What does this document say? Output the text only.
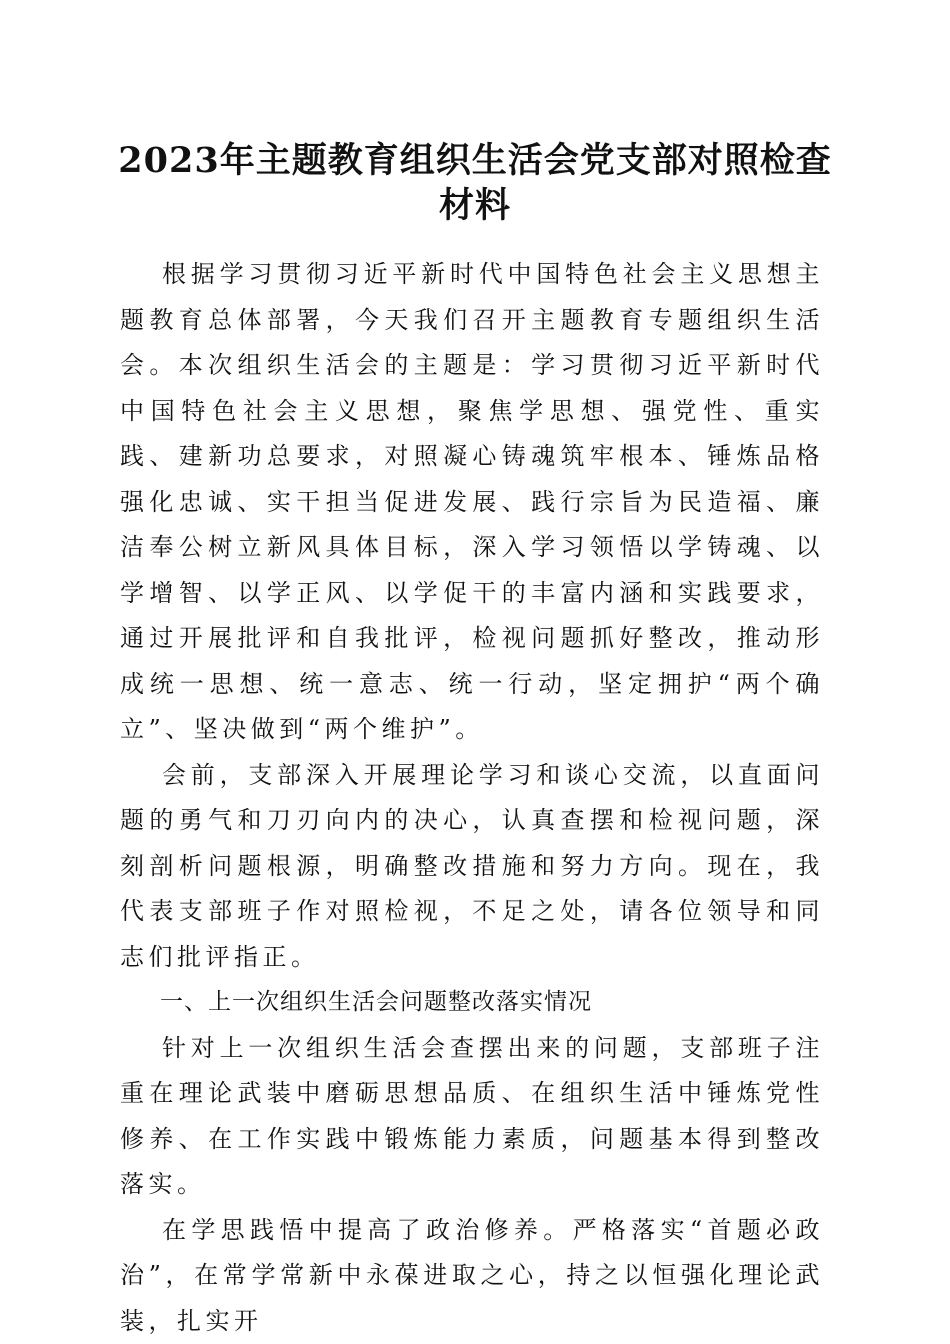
2023年主题教育组织生活会党支部对照检查
材料

根据学习贯彻习近平新时代中国特色社会主义思想主题教育总体部署，今天我们召开主题教育专题组织生活会。本次组织生活会的主题是：学习贯彻习近平新时代中国特色社会主义思想，聚焦学思想、强党性、重实践、建新功总要求，对照凝心铸魂筑牢根本、锤炼品格强化忠诚、实干担当促进发展、践行宗旨为民造福、廉洁奉公树立新风具体目标，深入学习领悟以学铸魂、以学增智、以学正风、以学促干的丰富内涵和实践要求，通过开展批评和自我批评，检视问题抓好整改，推动形成统一思想、统一意志、统一行动，坚定拥护“两个确立”、坚决做到“两个维护”。

会前，支部深入开展理论学习和谈心交流，以直面问题的勇气和刀刃向内的决心，认真查摆和检视问题，深刻剖析问题根源，明确整改措施和努力方向。现在，我代表支部班子作对照检视，不足之处，请各位领导和同志们批评指正。

一、上一次组织生活会问题整改落实情况

针对上一次组织生活会查摆出来的问题，支部班子注重在理论武装中磨砺思想品质、在组织生活中锤炼党性修养、在工作实践中锻炼能力素质，问题基本得到整改落实。

在学思践悟中提高了政治修养。严格落实“首题必政治”，在常学常新中永葆进取之心，持之以恒强化理论武装，扎实开
